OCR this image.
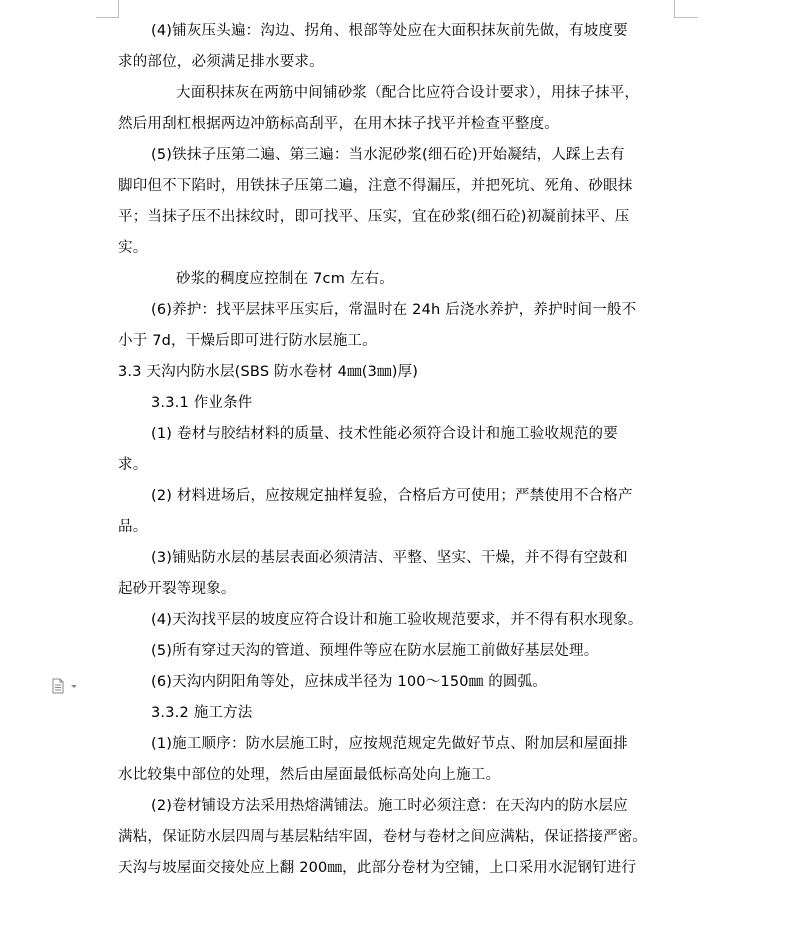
(4)铺灰压头遍：沟边、拐角、根部等处应在大面积抹灰前先做，有坡度要
求的部位，必须满足排水要求。
大面积抹灰在两筋中间铺砂浆（配合比应符合设计要求），用抹子抹平，
然后用刮杠根据两边冲筋标高刮平，在用木抹子找平并检查平整度。
(5)铁抹子压第二遍、第三遍：当水泥砂浆(细石砼)开始凝结，人踩上去有
脚印但不下陷时，用铁抹子压第二遍，注意不得漏压，并把死坑、死角、砂眼抹
平；当抹子压不出抹纹时，即可找平、压实，宜在砂浆(细石砼)初凝前抹平、压
实。
砂浆的稠度应控制在 7cm 左右。
(6)养护：找平层抹平压实后，常温时在 24h 后浇水养护，养护时间一般不
小于 7d，干燥后即可进行防水层施工。
3.3 天沟内防水层(SBS 防水卷材 4㎜(3㎜)厚)
3.3.1 作业条件
(1) 卷材与胶结材料的质量、技术性能必须符合设计和施工验收规范的要
求。
(2) 材料进场后，应按规定抽样复验，合格后方可使用；严禁使用不合格产
品。
(3)铺贴防水层的基层表面必须清洁、平整、坚实、干燥，并不得有空鼓和
起砂开裂等现象。
(4)天沟找平层的坡度应符合设计和施工验收规范要求，并不得有积水现象。
(5)所有穿过天沟的管道、预埋件等应在防水层施工前做好基层处理。
(6)天沟内阴阳角等处，应抹成半径为 100～150㎜ 的圆弧。
3.3.2 施工方法
(1)施工顺序：防水层施工时，应按规范规定先做好节点、附加层和屋面排
水比较集中部位的处理，然后由屋面最低标高处向上施工。
(2)卷材铺设方法采用热熔满铺法。施工时必须注意：在天沟内的防水层应
满粘，保证防水层四周与基层粘结牢固，卷材与卷材之间应满粘，保证搭接严密。
天沟与坡屋面交接处应上翻 200㎜，此部分卷材为空铺，上口采用水泥钢钉进行
